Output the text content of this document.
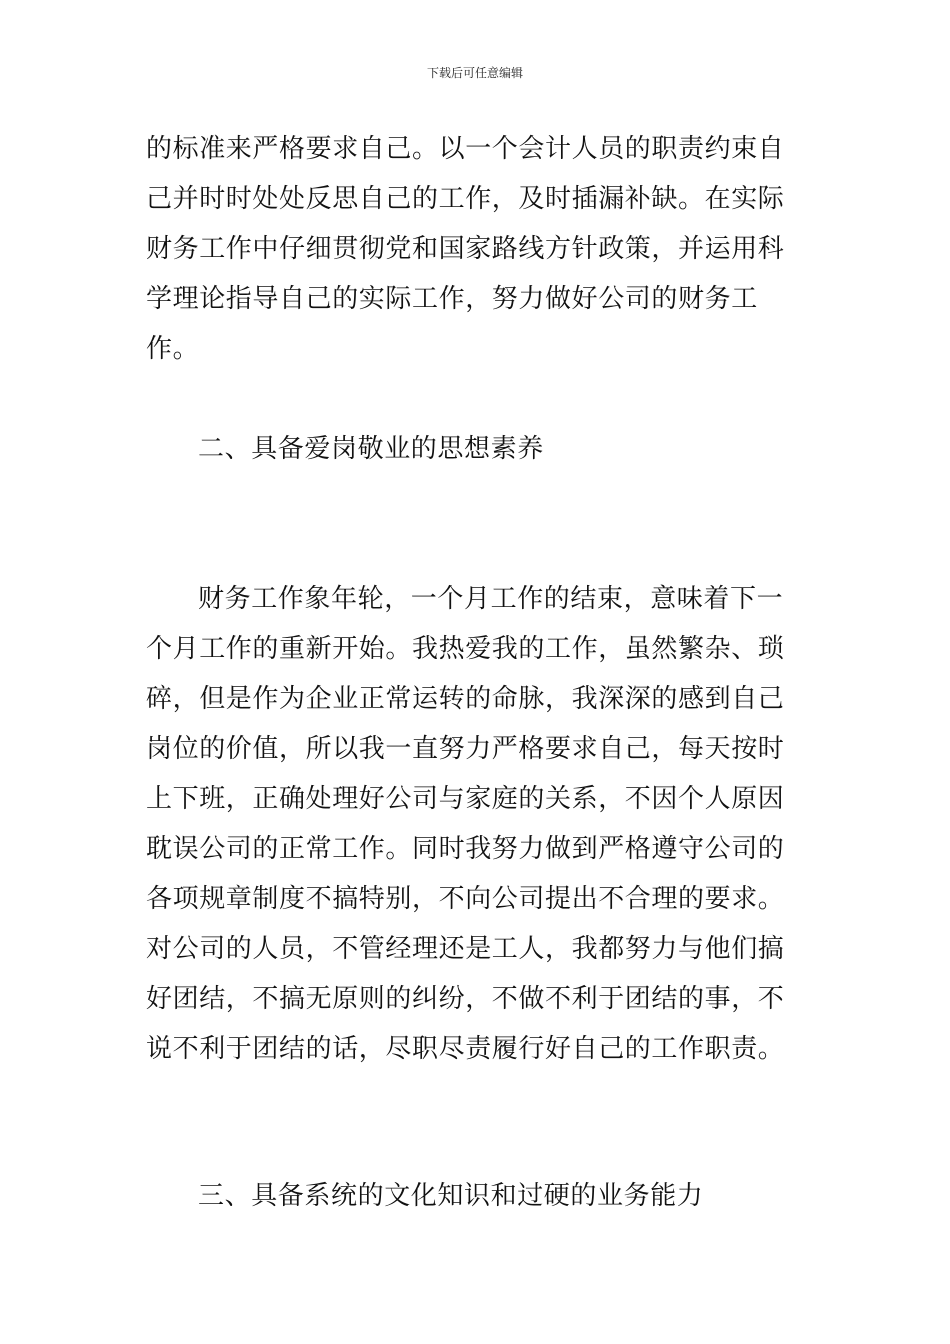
下载后可任意编辑

的标准来严格要求自己。以一个会计人员的职责约束自己并时时处处反思自己的工作，及时插漏补缺。在实际财务工作中仔细贯彻党和国家路线方针政策，并运用科学理论指导自己的实际工作，努力做好公司的财务工作。

二、具备爱岗敬业的思想素养

财务工作象年轮，一个月工作的结束，意味着下一个月工作的重新开始。我热爱我的工作，虽然繁杂、琐碎，但是作为企业正常运转的命脉，我深深的感到自己岗位的价值，所以我一直努力严格要求自己，每天按时上下班，正确处理好公司与家庭的关系，不因个人原因耽误公司的正常工作。同时我努力做到严格遵守公司的各项规章制度不搞特别，不向公司提出不合理的要求。对公司的人员，不管经理还是工人，我都努力与他们搞好团结，不搞无原则的纠纷，不做不利于团结的事，不说不利于团结的话，尽职尽责履行好自己的工作职责。

三、具备系统的文化知识和过硬的业务能力
